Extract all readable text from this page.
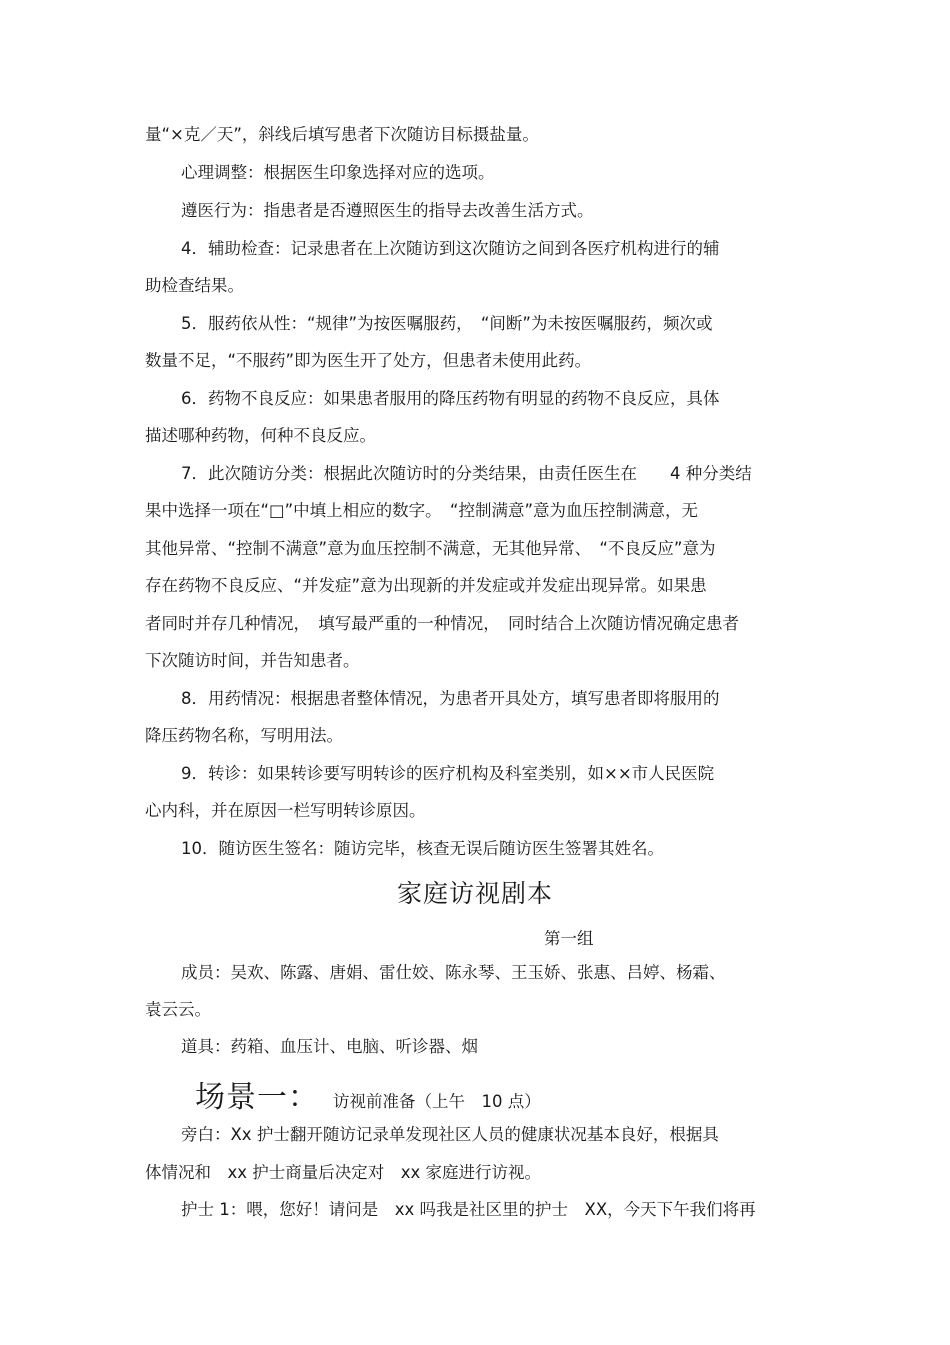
量“×克／天”，斜线后填写患者下次随访目标摄盐量。
心理调整：根据医生印象选择对应的选项。
遵医行为：指患者是否遵照医生的指导去改善生活方式。
4．辅助检查：记录患者在上次随访到这次随访之间到各医疗机构进行的辅
助检查结果。
5．服药依从性：“规律”为按医嘱服药，　“间断”为未按医嘱服药，频次或
数量不足，“不服药”即为医生开了处方，但患者未使用此药。
6．药物不良反应：如果患者服用的降压药物有明显的药物不良反应，具体
描述哪种药物，何种不良反应。
7．此次随访分类：根据此次随访时的分类结果，由责任医生在　　4 种分类结
果中选择一项在“□”中填上相应的数字。　“控制满意”意为血压控制满意，无
其他异常、“控制不满意”意为血压控制不满意，无其他异常、　“不良反应”意为
存在药物不良反应、“并发症”意为出现新的并发症或并发症出现异常。如果患
者同时并存几种情况，　填写最严重的一种情况，　同时结合上次随访情况确定患者
下次随访时间，并告知患者。
8．用药情况：根据患者整体情况，为患者开具处方，填写患者即将服用的
降压药物名称，写明用法。
9．转诊：如果转诊要写明转诊的医疗机构及科室类别，如××市人民医院
心内科，并在原因一栏写明转诊原因。
10．随访医生签名：随访完毕，核查无误后随访医生签署其姓名。
家庭访视剧本
第一组
成员：吴欢、陈露、唐娟、雷仕姣、陈永琴、王玉娇、张惠、吕婷、杨霜、
袁云云。
道具：药箱、血压计、电脑、听诊器、烟
场景一： 访视前准备（上午　10 点）
旁白：Xx 护士翻开随访记录单发现社区人员的健康状况基本良好，根据具
体情况和　xx 护士商量后决定对　xx 家庭进行访视。
护士 1：喂，您好！请问是　xx 吗我是社区里的护士　XX，今天下午我们将再
